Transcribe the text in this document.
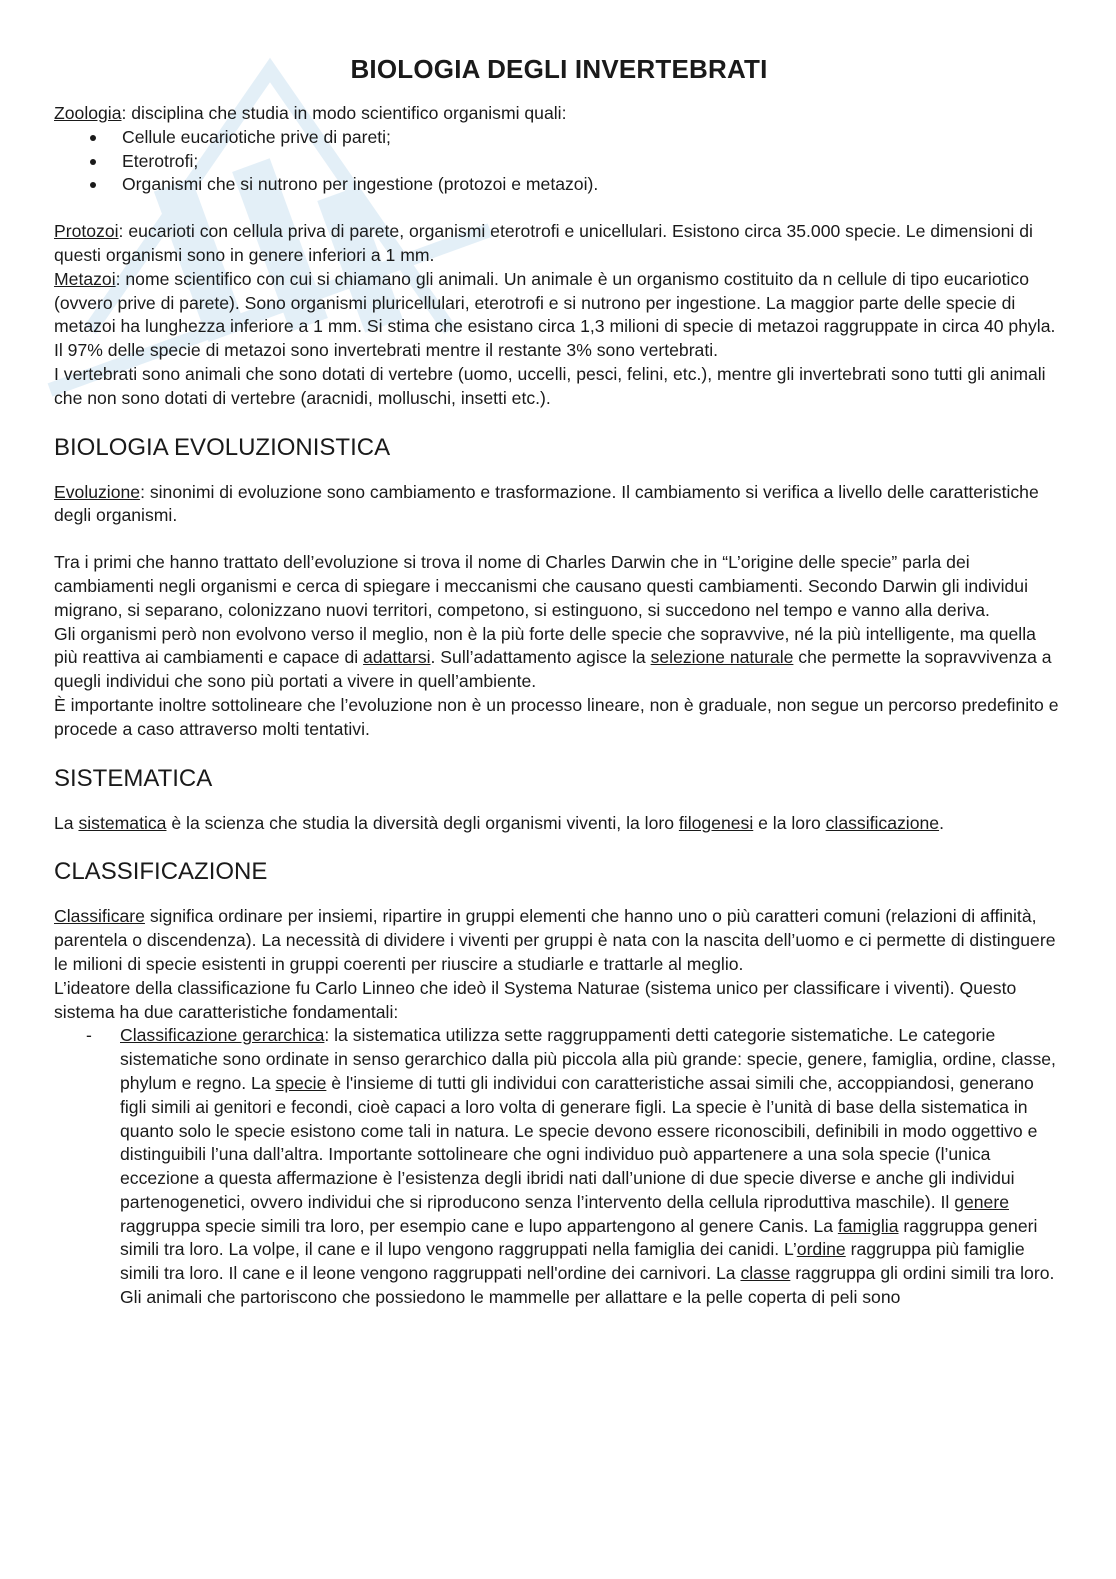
BIOLOGIA DEGLI INVERTEBRATI

Zoologia: disciplina che studia in modo scientifico organismi quali:

Cellule eucariotiche prive di pareti;
Eterotrofi;
Organismi che si nutrono per ingestione (protozoi e metazoi).

Protozoi: eucarioti con cellula priva di parete, organismi eterotrofi e unicellulari. Esistono circa 35.000 specie. Le dimensioni di questi organismi sono in genere inferiori a 1 mm.

Metazoi: nome scientifico con cui si chiamano gli animali. Un animale è un organismo costituito da n cellule di tipo eucariotico (ovvero prive di parete). Sono organismi pluricellulari, eterotrofi e si nutrono per ingestione. La maggior parte delle specie di metazoi ha lunghezza inferiore a 1 mm. Si stima che esistano circa 1,3 milioni di specie di metazoi raggruppate in circa 40 phyla. Il 97% delle specie di metazoi sono invertebrati mentre il restante 3% sono vertebrati.

I vertebrati sono animali che sono dotati di vertebre (uomo, uccelli, pesci, felini, etc.), mentre gli invertebrati sono tutti gli animali che non sono dotati di vertebre (aracnidi, molluschi, insetti etc.).

BIOLOGIA EVOLUZIONISTICA

Evoluzione: sinonimi di evoluzione sono cambiamento e trasformazione. Il cambiamento si verifica a livello delle caratteristiche degli organismi.

Tra i primi che hanno trattato dell’evoluzione si trova il nome di Charles Darwin che in “L’origine delle specie” parla dei cambiamenti negli organismi e cerca di spiegare i meccanismi che causano questi cambiamenti. Secondo Darwin gli individui migrano, si separano, colonizzano nuovi territori, competono, si estinguono, si succedono nel tempo e vanno alla deriva.

Gli organismi però non evolvono verso il meglio, non è la più forte delle specie che sopravvive, né la più intelligente, ma quella più reattiva ai cambiamenti e capace di adattarsi. Sull’adattamento agisce la selezione naturale che permette la sopravvivenza a quegli individui che sono più portati a vivere in quell’ambiente.

È importante inoltre sottolineare che l’evoluzione non è un processo lineare, non è graduale, non segue un percorso predefinito e procede a caso attraverso molti tentativi.

SISTEMATICA

La sistematica è la scienza che studia la diversità degli organismi viventi, la loro filogenesi e la loro classificazione.

CLASSIFICAZIONE

Classificare significa ordinare per insiemi, ripartire in gruppi elementi che hanno uno o più caratteri comuni (relazioni di affinità, parentela o discendenza). La necessità di dividere i viventi per gruppi è nata con la nascita dell’uomo e ci permette di distinguere le milioni di specie esistenti in gruppi coerenti per riuscire a studiarle e trattarle al meglio.

L’ideatore della classificazione fu Carlo Linneo che ideò il Systema Naturae (sistema unico per classificare i viventi). Questo sistema ha due caratteristiche fondamentali:

- Classificazione gerarchica: la sistematica utilizza sette raggruppamenti detti categorie sistematiche. Le categorie sistematiche sono ordinate in senso gerarchico dalla più piccola alla più grande: specie, genere, famiglia, ordine, classe, phylum e regno. La specie è l'insieme di tutti gli individui con caratteristiche assai simili che, accoppiandosi, generano figli simili ai genitori e fecondi, cioè capaci a loro volta di generare figli. La specie è l’unità di base della sistematica in quanto solo le specie esistono come tali in natura. Le specie devono essere riconoscibili, definibili in modo oggettivo e distinguibili l’una dall’altra. Importante sottolineare che ogni individuo può appartenere a una sola specie (l’unica eccezione a questa affermazione è l’esistenza degli ibridi nati dall’unione di due specie diverse e anche gli individui partenogenetici, ovvero individui che si riproducono senza l’intervento della cellula riproduttiva maschile). Il genere raggruppa specie simili tra loro, per esempio cane e lupo appartengono al genere Canis. La famiglia raggruppa generi simili tra loro. La volpe, il cane e il lupo vengono raggruppati nella famiglia dei canidi. L’ordine raggruppa più famiglie simili tra loro. Il cane e il leone vengono raggruppati nell'ordine dei carnivori. La classe raggruppa gli ordini simili tra loro. Gli animali che partoriscono che possiedono le mammelle per allattare e la pelle coperta di peli sono
